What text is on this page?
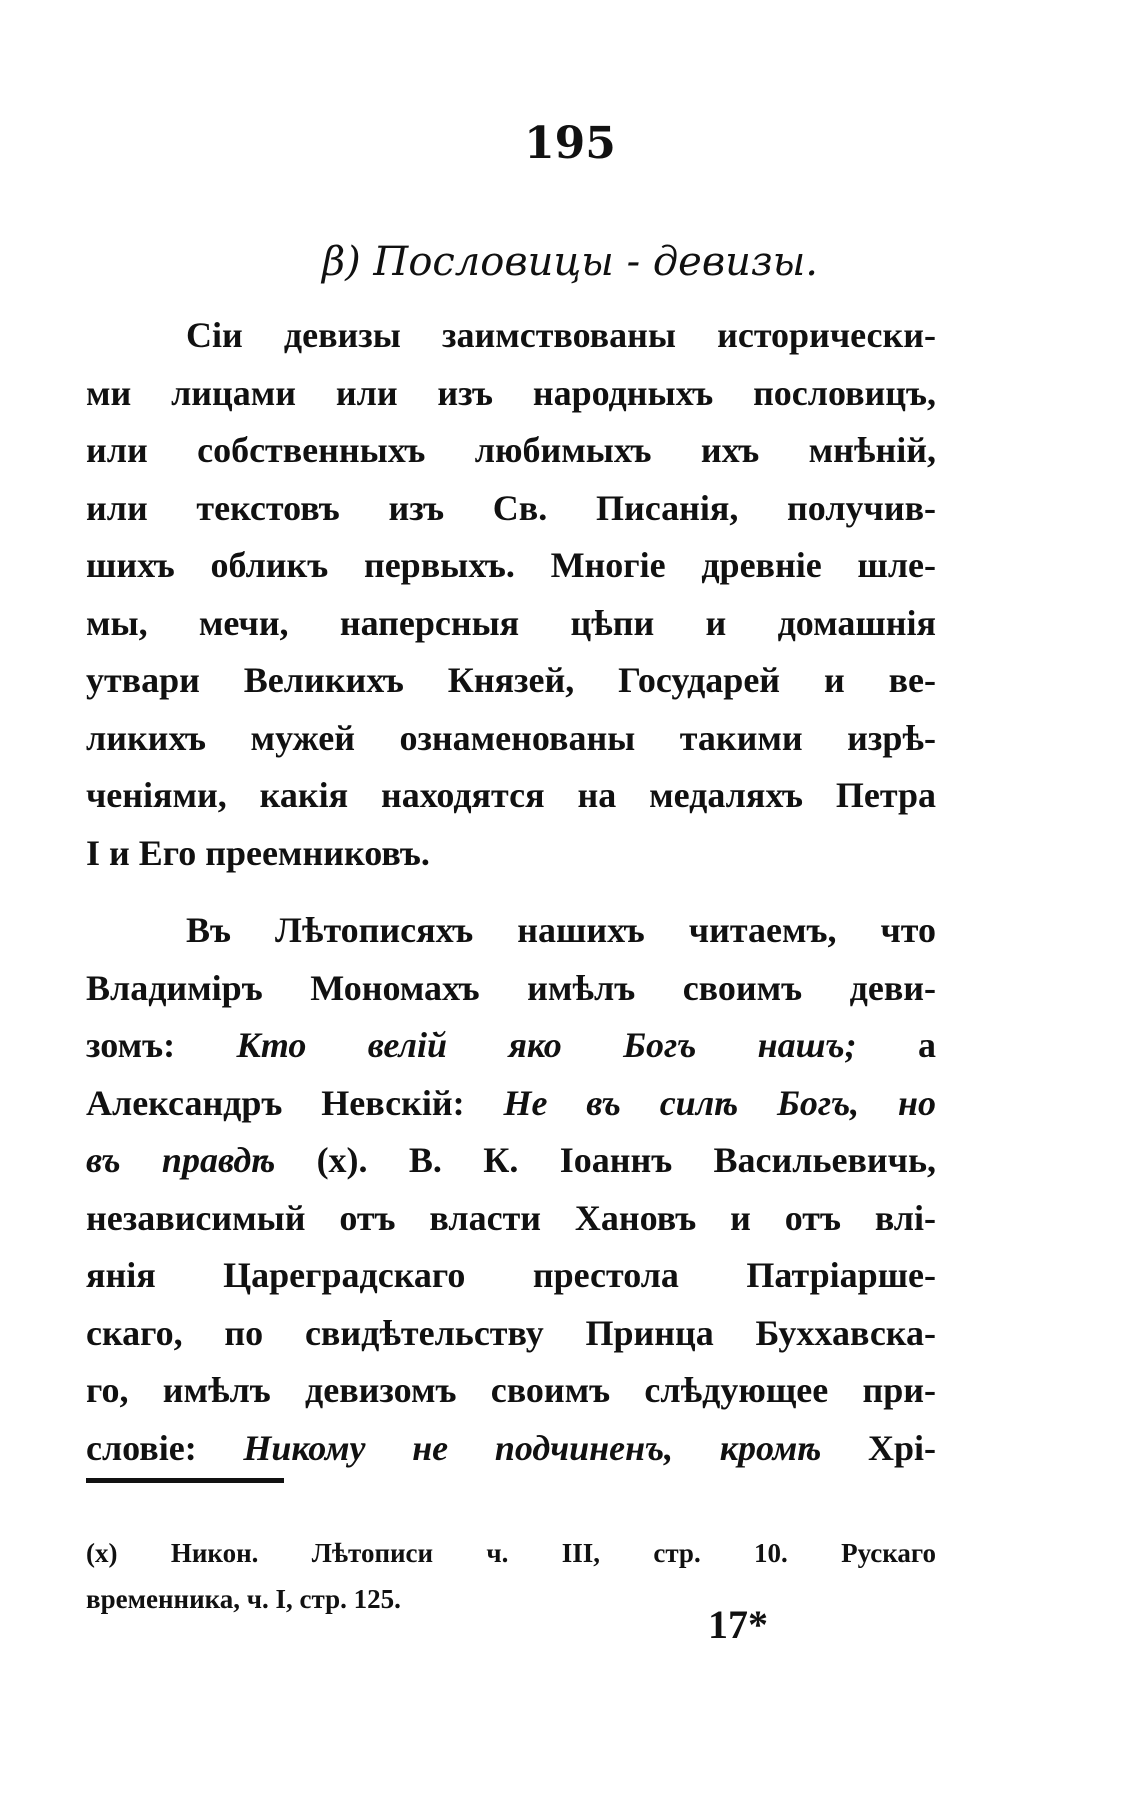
195
β) Пословицы - девизы.
Сіи девизы заимствованы исторически-
ми лицами или изъ народныхъ пословицъ,
или собственныхъ любимыхъ ихъ мнѣній,
или текстовъ изъ Св. Писанія, получив-
шихъ обликъ первыхъ. Многіе древніе шле-
мы, мечи, наперсныя цѣпи и домашнія
утвари Великихъ Князей, Государей и ве-
ликихъ мужей ознаменованы такими изрѣ-
ченіями, какія находятся на медаляхъ Петра
I и Его преемниковъ.
Въ Лѣтописяхъ нашихъ читаемъ, что
Владиміръ Мономахъ имѣлъ своимъ деви-
зомъ: Кто велій яко Богъ нашъ; а
Александръ Невскій: Не въ силѣ Богъ, но
въ правдѣ (x). В. К. Іоаннъ Васильевичь,
независимый отъ власти Хановъ и отъ влі-
янія Цареградскаго престола Патріарше-
скаго, по свидѣтельству Принца Буххавска-
го, имѣлъ девизомъ своимъ слѣдующее при-
словіе: Никому не подчиненъ, кромѣ Хрі-
(x) Никон. Лѣтописи ч. III, стр. 10. Рускаго
временника, ч. I, стр. 125.
17*
